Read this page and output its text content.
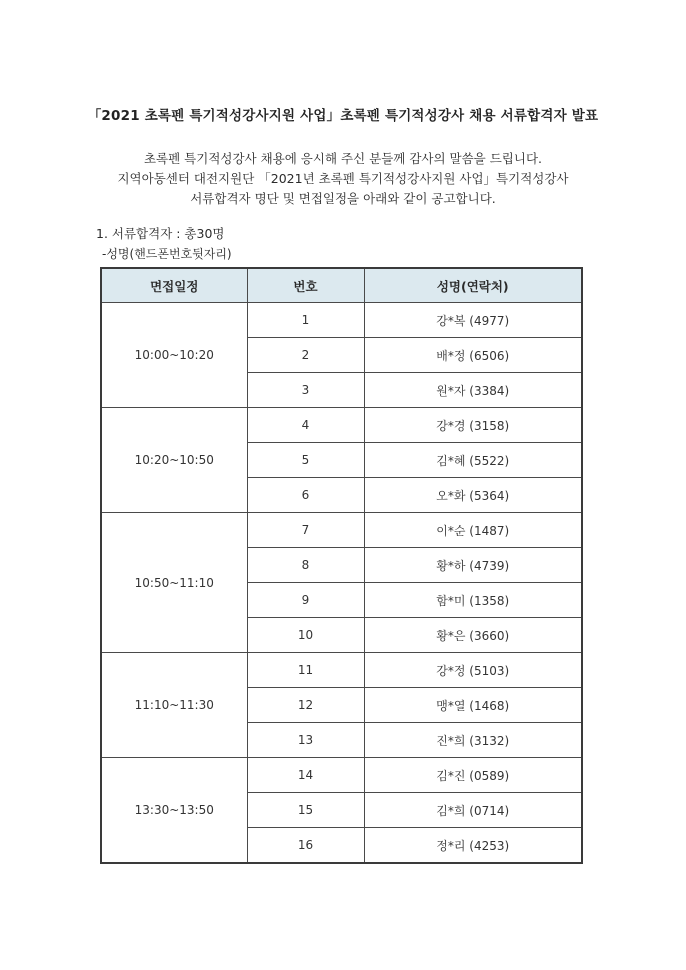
「2021 초록펜 특기적성강사지원 사업」초록펜 특기적성강사 채용 서류합격자 발표
초록펜 특기적성강사 채용에 응시해 주신 분들께 감사의 말씀을 드립니다.
지역아동센터 대전지원단 「2021년 초록펜 특기적성강사지원 사업」특기적성강사
서류합격자 명단 및 면접일정을 아래와 같이 공고합니다.
1. 서류합격자 : 총30명
-성명(핸드폰번호뒷자리)
면접일정	번호	성명(연락처)
10:00~10:20	1	강*복 (4977)
	2	배*정 (6506)
	3	원*자 (3384)
10:20~10:50	4	강*경 (3158)
	5	김*혜 (5522)
	6	오*화 (5364)
10:50~11:10	7	이*순 (1487)
	8	황*하 (4739)
	9	함*미 (1358)
	10	황*은 (3660)
11:10~11:30	11	강*정 (5103)
	12	맹*열 (1468)
	13	진*희 (3132)
13:30~13:50	14	김*진 (0589)
	15	김*희 (0714)
	16	정*리 (4253)
